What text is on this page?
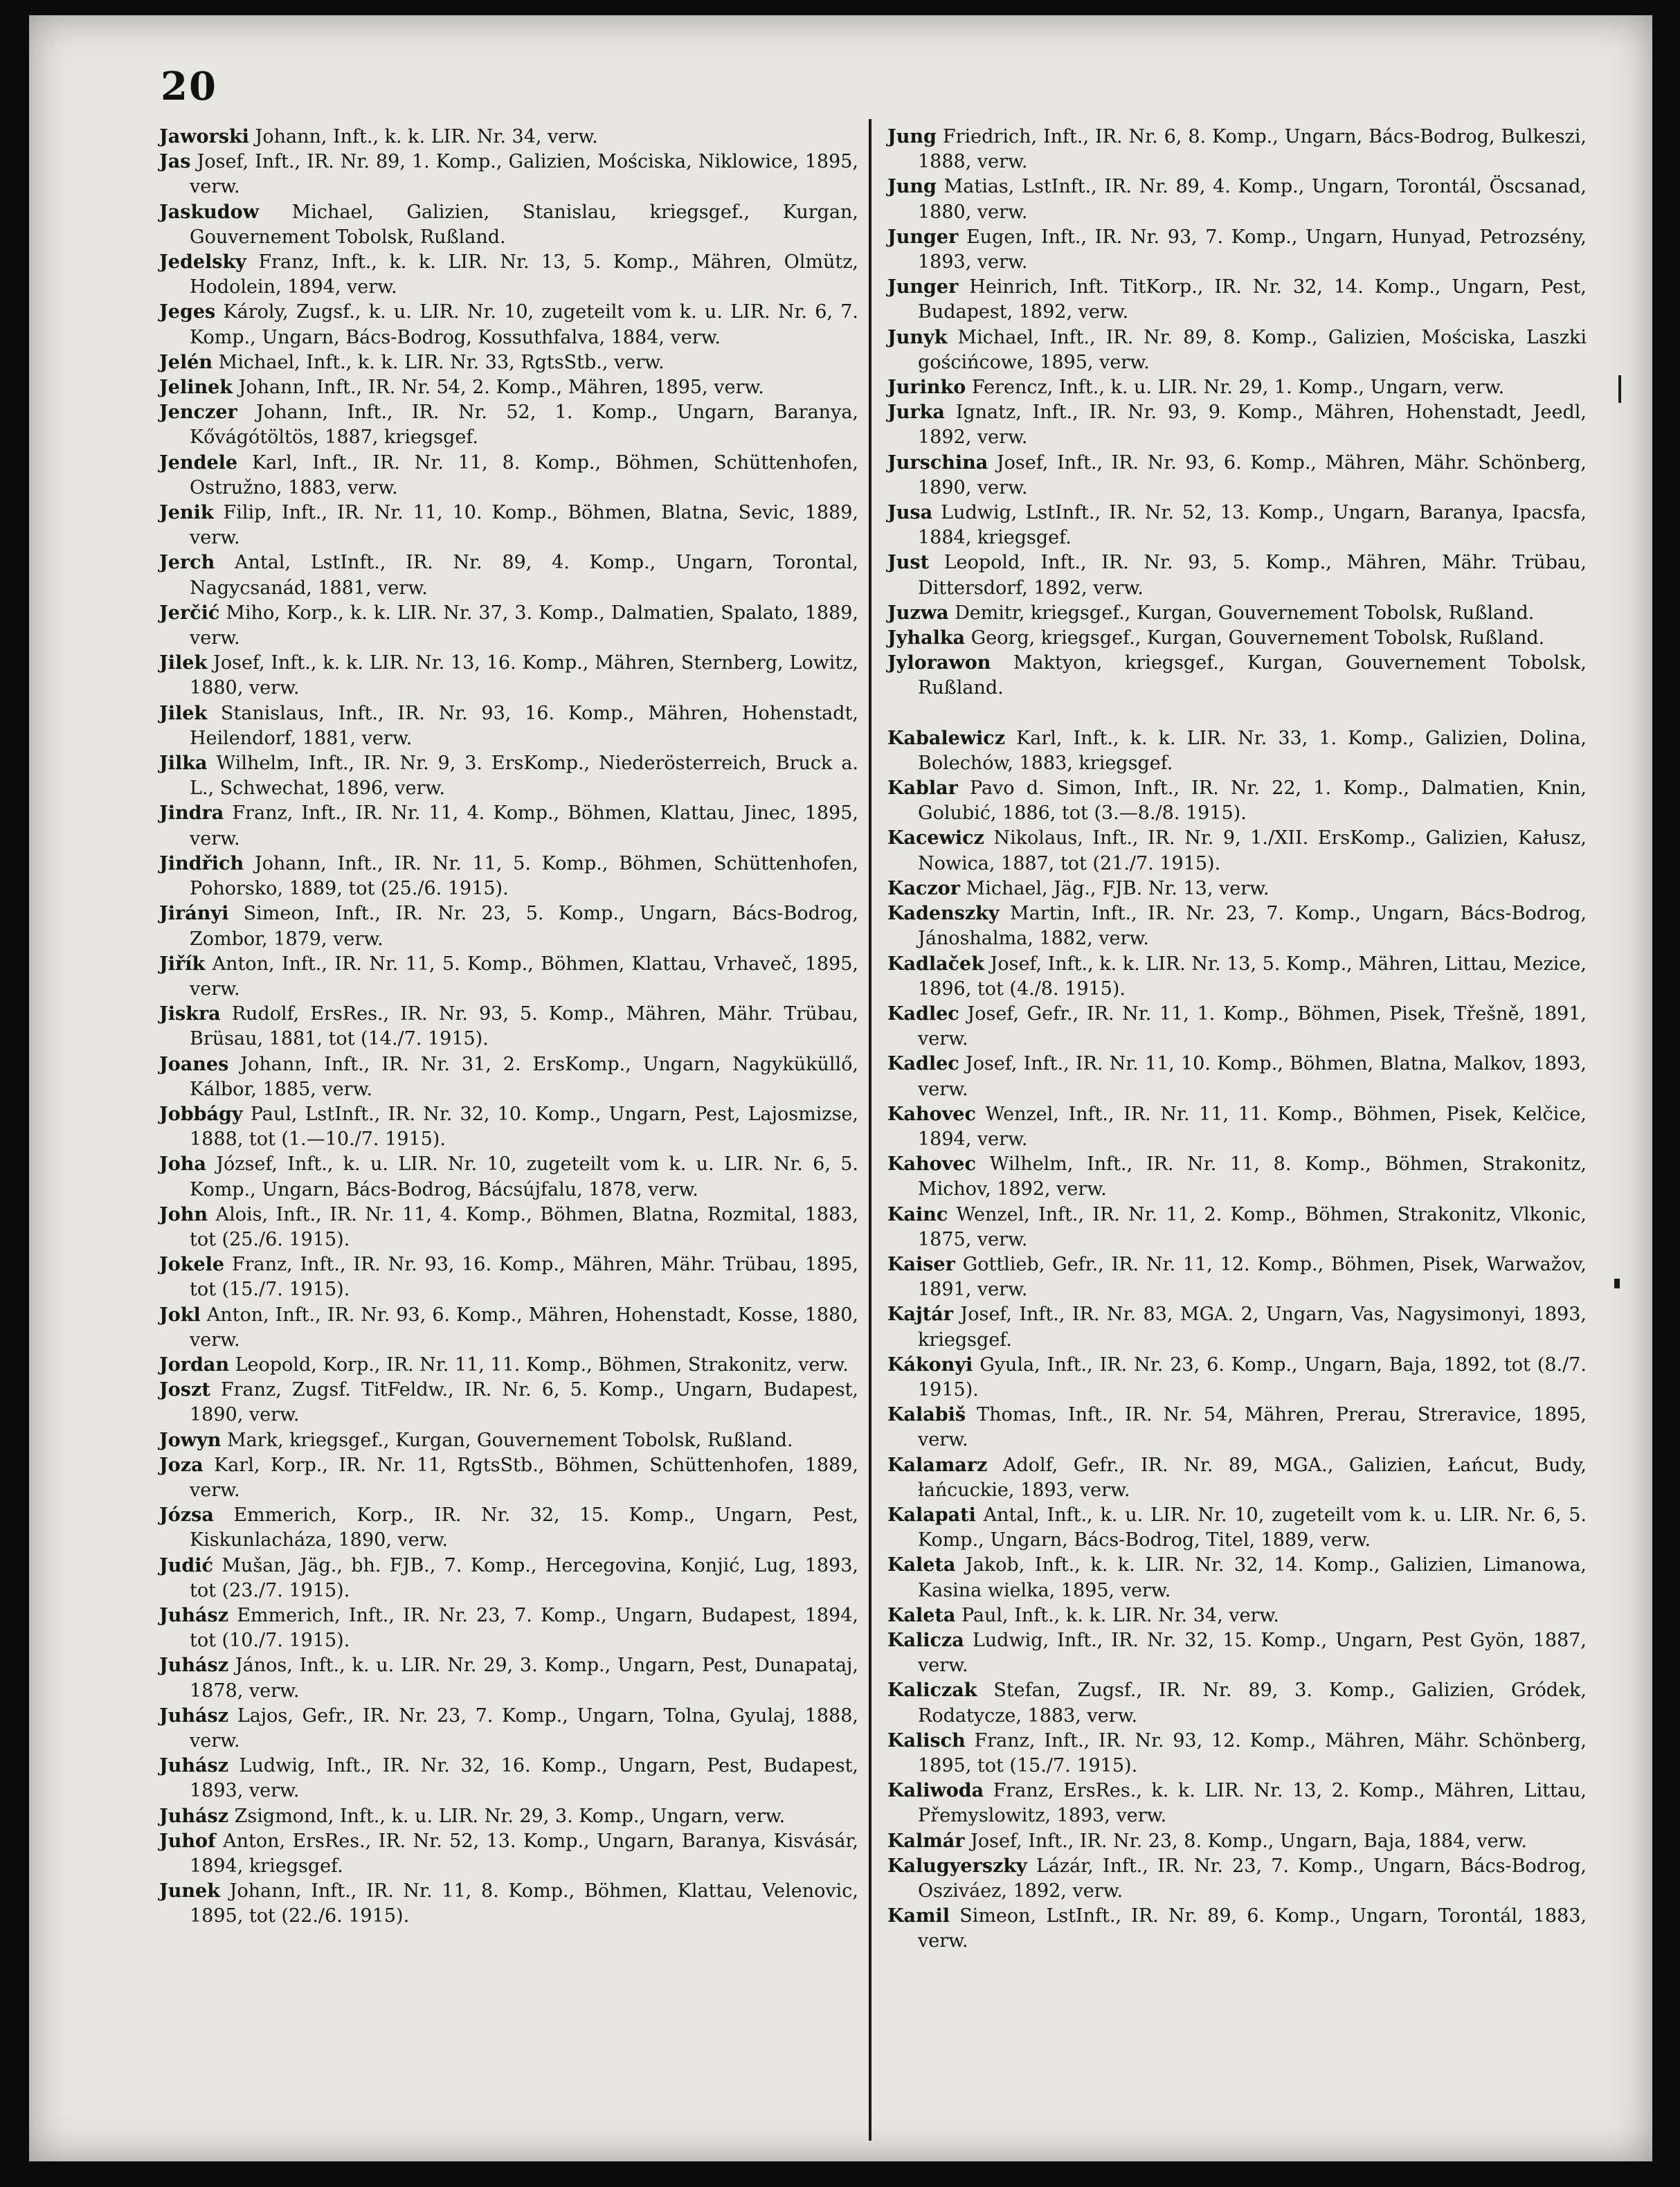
20

Jaworski Johann, Inft., k. k. LIR. Nr. 34, verw.

Jas Josef, Inft., IR. Nr. 89, 1. Komp., Galizien, Mościska, Niklowice, 1895, verw.

Jaskudow Michael, Galizien, Stanislau, kriegsgef., Kurgan, Gouvernement Tobolsk, Rußland.

Jedelsky Franz, Inft., k. k. LIR. Nr. 13, 5. Komp., Mähren, Olmütz, Hodolein, 1894, verw.

Jeges Károly, Zugsf., k. u. LIR. Nr. 10, zugeteilt vom k. u. LIR. Nr. 6, 7. Komp., Ungarn, Bács-Bodrog, Kossuthfalva, 1884, verw.

Jelén Michael, Inft., k. k. LIR. Nr. 33, RgtsStb., verw.

Jelinek Johann, Inft., IR. Nr. 54, 2. Komp., Mähren, 1895, verw.

Jenczer Johann, Inft., IR. Nr. 52, 1. Komp., Ungarn, Baranya, Kővágótöltös, 1887, kriegsgef.

Jendele Karl, Inft., IR. Nr. 11, 8. Komp., Böhmen, Schüttenhofen, Ostružno, 1883, verw.

Jenik Filip, Inft., IR. Nr. 11, 10. Komp., Böhmen, Blatna, Sevic, 1889, verw.

Jerch Antal, LstInft., IR. Nr. 89, 4. Komp., Ungarn, Torontal, Nagycsanád, 1881, verw.

Jerčić Miho, Korp., k. k. LIR. Nr. 37, 3. Komp., Dalmatien, Spalato, 1889, verw.

Jilek Josef, Inft., k. k. LIR. Nr. 13, 16. Komp., Mähren, Sternberg, Lowitz, 1880, verw.

Jilek Stanislaus, Inft., IR. Nr. 93, 16. Komp., Mähren, Hohenstadt, Heilendorf, 1881, verw.

Jilka Wilhelm, Inft., IR. Nr. 9, 3. ErsKomp., Niederösterreich, Bruck a. L., Schwechat, 1896, verw.

Jindra Franz, Inft., IR. Nr. 11, 4. Komp., Böhmen, Klattau, Jinec, 1895, verw.

Jindřich Johann, Inft., IR. Nr. 11, 5. Komp., Böhmen, Schüttenhofen, Pohorsko, 1889, tot (25./6. 1915).

Jirányi Simeon, Inft., IR. Nr. 23, 5. Komp., Ungarn, Bács-Bodrog, Zombor, 1879, verw.

Jiřík Anton, Inft., IR. Nr. 11, 5. Komp., Böhmen, Klattau, Vrhaveč, 1895, verw.

Jiskra Rudolf, ErsRes., IR. Nr. 93, 5. Komp., Mähren, Mähr. Trübau, Brüsau, 1881, tot (14./7. 1915).

Joanes Johann, Inft., IR. Nr. 31, 2. ErsKomp., Ungarn, Nagyküküllő, Kálbor, 1885, verw.

Jobbágy Paul, LstInft., IR. Nr. 32, 10. Komp., Ungarn, Pest, Lajosmizse, 1888, tot (1.—10./7. 1915).

Joha József, Inft., k. u. LIR. Nr. 10, zugeteilt vom k. u. LIR. Nr. 6, 5. Komp., Ungarn, Bács-Bodrog, Bácsújfalu, 1878, verw.

John Alois, Inft., IR. Nr. 11, 4. Komp., Böhmen, Blatna, Rozmital, 1883, tot (25./6. 1915).

Jokele Franz, Inft., IR. Nr. 93, 16. Komp., Mähren, Mähr. Trübau, 1895, tot (15./7. 1915).

Jokl Anton, Inft., IR. Nr. 93, 6. Komp., Mähren, Hohenstadt, Kosse, 1880, verw.

Jordan Leopold, Korp., IR. Nr. 11, 11. Komp., Böhmen, Strakonitz, verw.

Joszt Franz, Zugsf. TitFeldw., IR. Nr. 6, 5. Komp., Ungarn, Budapest, 1890, verw.

Jowyn Mark, kriegsgef., Kurgan, Gouvernement Tobolsk, Rußland.

Joza Karl, Korp., IR. Nr. 11, RgtsStb., Böhmen, Schüttenhofen, 1889, verw.

Józsa Emmerich, Korp., IR. Nr. 32, 15. Komp., Ungarn, Pest, Kiskunlacháza, 1890, verw.

Judić Mušan, Jäg., bh. FJB., 7. Komp., Hercegovina, Konjić, Lug, 1893, tot (23./7. 1915).

Juhász Emmerich, Inft., IR. Nr. 23, 7. Komp., Ungarn, Budapest, 1894, tot (10./7. 1915).

Juhász János, Inft., k. u. LIR. Nr. 29, 3. Komp., Ungarn, Pest, Dunapataj, 1878, verw.

Juhász Lajos, Gefr., IR. Nr. 23, 7. Komp., Ungarn, Tolna, Gyulaj, 1888, verw.

Juhász Ludwig, Inft., IR. Nr. 32, 16. Komp., Ungarn, Pest, Budapest, 1893, verw.

Juhász Zsigmond, Inft., k. u. LIR. Nr. 29, 3. Komp., Ungarn, verw.

Juhof Anton, ErsRes., IR. Nr. 52, 13. Komp., Ungarn, Baranya, Kisvásár, 1894, kriegsgef.

Junek Johann, Inft., IR. Nr. 11, 8. Komp., Böhmen, Klattau, Velenovic, 1895, tot (22./6. 1915).

Jung Friedrich, Inft., IR. Nr. 6, 8. Komp., Ungarn, Bács-Bodrog, Bulkeszi, 1888, verw.

Jung Matias, LstInft., IR. Nr. 89, 4. Komp., Ungarn, Torontál, Öscsanad, 1880, verw.

Junger Eugen, Inft., IR. Nr. 93, 7. Komp., Ungarn, Hunyad, Petrozsény, 1893, verw.

Junger Heinrich, Inft. TitKorp., IR. Nr. 32, 14. Komp., Ungarn, Pest, Budapest, 1892, verw.

Junyk Michael, Inft., IR. Nr. 89, 8. Komp., Galizien, Mościska, Laszki gościńcowe, 1895, verw.

Jurinko Ferencz, Inft., k. u. LIR. Nr. 29, 1. Komp., Ungarn, verw.

Jurka Ignatz, Inft., IR. Nr. 93, 9. Komp., Mähren, Hohenstadt, Jeedl, 1892, verw.

Jurschina Josef, Inft., IR. Nr. 93, 6. Komp., Mähren, Mähr. Schönberg, 1890, verw.

Jusa Ludwig, LstInft., IR. Nr. 52, 13. Komp., Ungarn, Baranya, Ipacsfa, 1884, kriegsgef.

Just Leopold, Inft., IR. Nr. 93, 5. Komp., Mähren, Mähr. Trübau, Dittersdorf, 1892, verw.

Juzwa Demitr, kriegsgef., Kurgan, Gouvernement Tobolsk, Rußland.

Jyhalka Georg, kriegsgef., Kurgan, Gouvernement Tobolsk, Rußland.

Jylorawon Maktyon, kriegsgef., Kurgan, Gouvernement Tobolsk, Rußland.

Kabalewicz Karl, Inft., k. k. LIR. Nr. 33, 1. Komp., Galizien, Dolina, Bolechów, 1883, kriegsgef.

Kablar Pavo d. Simon, Inft., IR. Nr. 22, 1. Komp., Dalmatien, Knin, Golubić, 1886, tot (3.—8./8. 1915).

Kacewicz Nikolaus, Inft., IR. Nr. 9, 1./XII. ErsKomp., Galizien, Kałusz, Nowica, 1887, tot (21./7. 1915).

Kaczor Michael, Jäg., FJB. Nr. 13, verw.

Kadenszky Martin, Inft., IR. Nr. 23, 7. Komp., Ungarn, Bács-Bodrog, Jánoshalma, 1882, verw.

Kadlaček Josef, Inft., k. k. LIR. Nr. 13, 5. Komp., Mähren, Littau, Mezice, 1896, tot (4./8. 1915).

Kadlec Josef, Gefr., IR. Nr. 11, 1. Komp., Böhmen, Pisek, Třešně, 1891, verw.

Kadlec Josef, Inft., IR. Nr. 11, 10. Komp., Böhmen, Blatna, Malkov, 1893, verw.

Kahovec Wenzel, Inft., IR. Nr. 11, 11. Komp., Böhmen, Pisek, Kelčice, 1894, verw.

Kahovec Wilhelm, Inft., IR. Nr. 11, 8. Komp., Böhmen, Strakonitz, Michov, 1892, verw.

Kainc Wenzel, Inft., IR. Nr. 11, 2. Komp., Böhmen, Strakonitz, Vlkonic, 1875, verw.

Kaiser Gottlieb, Gefr., IR. Nr. 11, 12. Komp., Böhmen, Pisek, Warwažov, 1891, verw.

Kajtár Josef, Inft., IR. Nr. 83, MGA. 2, Ungarn, Vas, Nagysimonyi, 1893, kriegsgef.

Kákonyi Gyula, Inft., IR. Nr. 23, 6. Komp., Ungarn, Baja, 1892, tot (8./7. 1915).

Kalabiš Thomas, Inft., IR. Nr. 54, Mähren, Prerau, Streravice, 1895, verw.

Kalamarz Adolf, Gefr., IR. Nr. 89, MGA., Galizien, Łańcut, Budy, łańcuckie, 1893, verw.

Kalapati Antal, Inft., k. u. LIR. Nr. 10, zugeteilt vom k. u. LIR. Nr. 6, 5. Komp., Ungarn, Bács-Bodrog, Titel, 1889, verw.

Kaleta Jakob, Inft., k. k. LIR. Nr. 32, 14. Komp., Galizien, Limanowa, Kasina wielka, 1895, verw.

Kaleta Paul, Inft., k. k. LIR. Nr. 34, verw.

Kalicza Ludwig, Inft., IR. Nr. 32, 15. Komp., Ungarn, Pest Gyön, 1887, verw.

Kaliczak Stefan, Zugsf., IR. Nr. 89, 3. Komp., Galizien, Gródek, Rodatycze, 1883, verw.

Kalisch Franz, Inft., IR. Nr. 93, 12. Komp., Mähren, Mähr. Schönberg, 1895, tot (15./7. 1915).

Kaliwoda Franz, ErsRes., k. k. LIR. Nr. 13, 2. Komp., Mähren, Littau, Přemyslowitz, 1893, verw.

Kalmár Josef, Inft., IR. Nr. 23, 8. Komp., Ungarn, Baja, 1884, verw.

Kalugyerszky Lázár, Inft., IR. Nr. 23, 7. Komp., Ungarn, Bács-Bodrog, Osziváez, 1892, verw.

Kamil Simeon, LstInft., IR. Nr. 89, 6. Komp., Ungarn, Torontál, 1883, verw.
